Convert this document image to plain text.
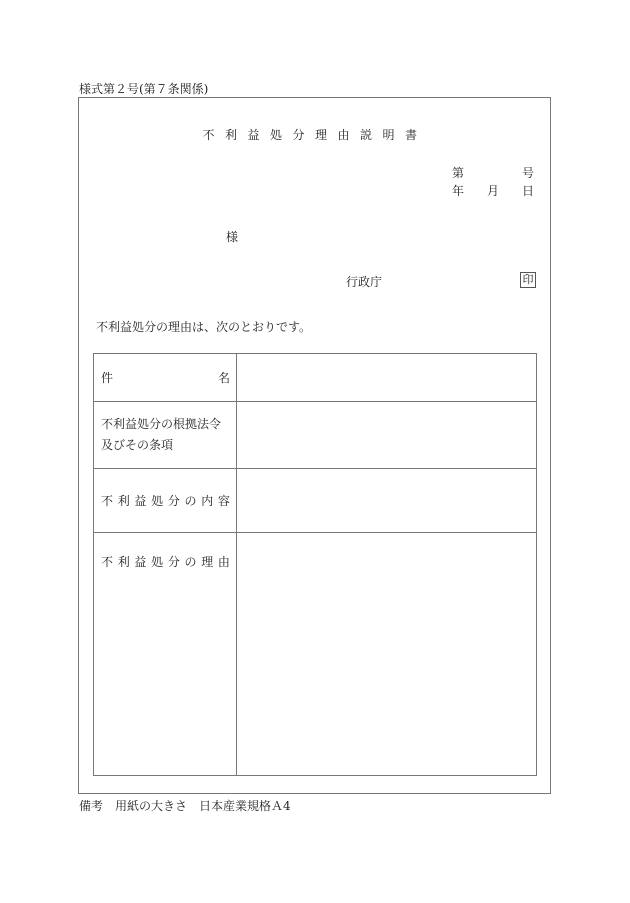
様式第２号(第７条関係)
不利益処分理由説明書
第	号
年 月 日
様
行政庁	印
不利益処分の理由は、次のとおりです。
件 名	

不利益処分の根拠法令及びその条項	

不 利 益 処 分 の 内 容

不 利 益 処 分 の 理 由

備考　用紙の大きさ　日本産業規格Ａ4
